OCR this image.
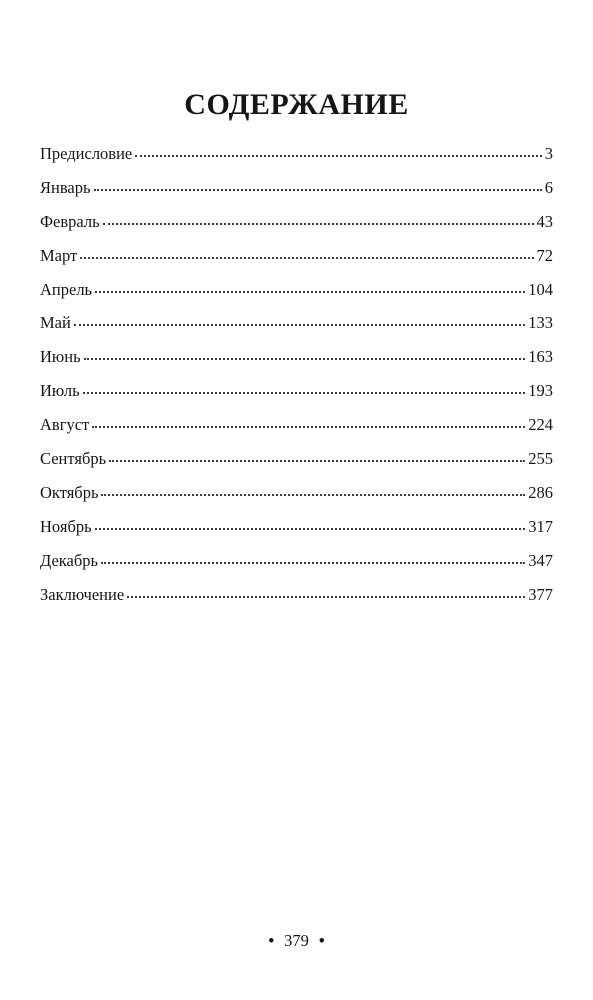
СОДЕРЖАНИЕ
Предисловие	3
Январь	6
Февраль	43
Март	72
Апрель	104
Май	133
Июнь	163
Июль	193
Август	224
Сентябрь	255
Октябрь	286
Ноябрь	317
Декабрь	347
Заключение	377
• 379 •
